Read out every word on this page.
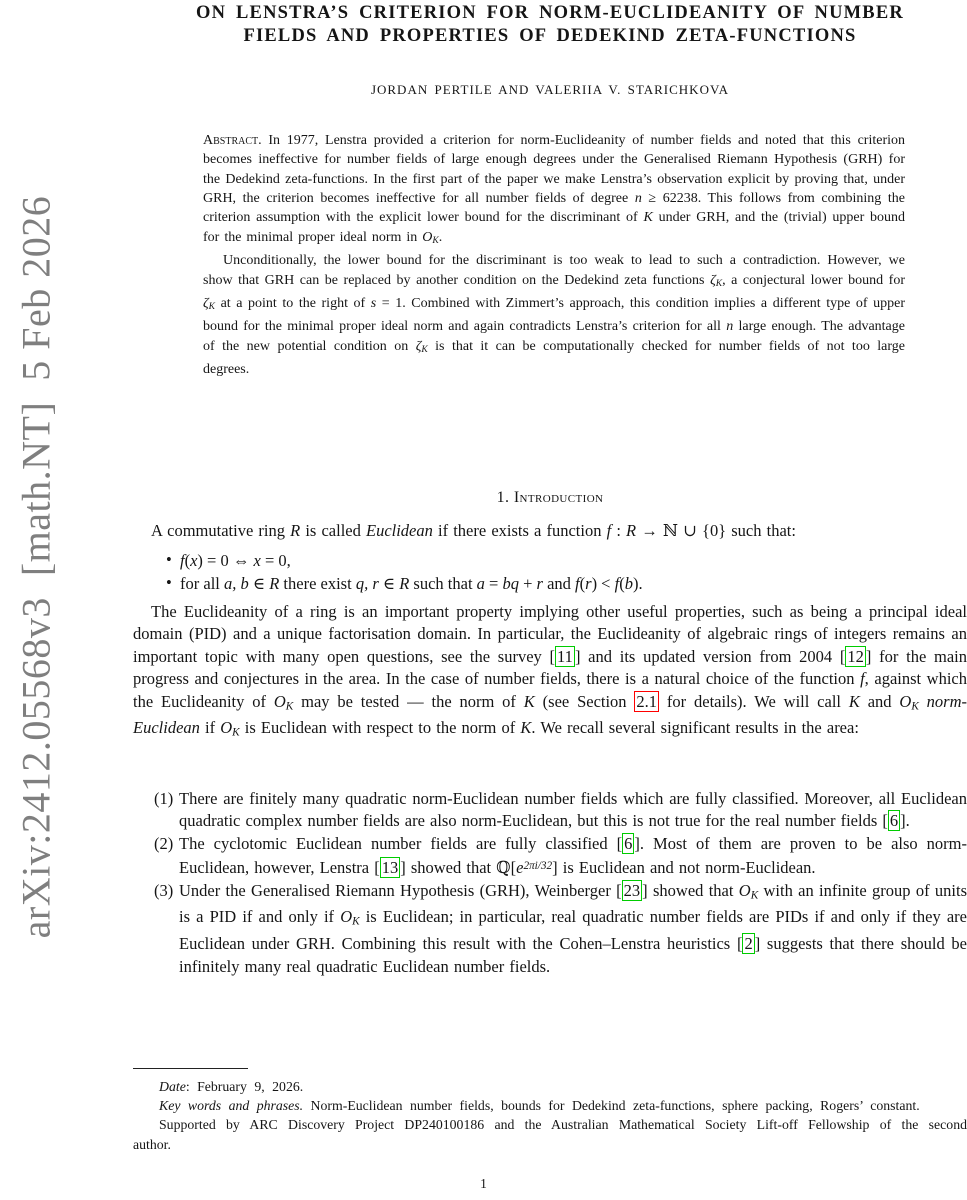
arXiv:2412.05568v3  [math.NT]  5 Feb 2026
ON LENSTRA’S CRITERION FOR NORM-EUCLIDEANITY OF NUMBER
FIELDS AND PROPERTIES OF DEDEKIND ZETA-FUNCTIONS
JORDAN PERTILE AND VALERIIA V. STARICHKOVA

Abstract. In 1977, Lenstra provided a criterion for norm-Euclideanity of number fields and noted that this criterion becomes ineffective for number fields of large enough degrees under the Generalised Riemann Hypothesis (GRH) for the Dedekind zeta-functions. In the first part of the paper we make Lenstra’s observation explicit by proving that, under GRH, the criterion becomes ineffective for all number fields of degree n ≥ 62238. This follows from combining the criterion assumption with the explicit lower bound for the discriminant of K under GRH, and the (trivial) upper bound for the minimal proper ideal norm in OK.

Unconditionally, the lower bound for the discriminant is too weak to lead to such a contradiction. However, we show that GRH can be replaced by another condition on the Dedekind zeta functions ζK, a conjectural lower bound for ζK at a point to the right of s = 1. Combined with Zimmert’s approach, this condition implies a different type of upper bound for the minimal proper ideal norm and again contradicts Lenstra’s criterion for all n large enough. The advantage of the new potential condition on ζK is that it can be computationally checked for number fields of not too large degrees.

1. Introduction

A commutative ring R is called Euclidean if there exists a function f : R → ℕ ∪ {0} such that:

• f(x) = 0 ⇔ x = 0,
• for all a, b ∈ R there exist q, r ∈ R such that a = bq + r and f(r) < f(b).

The Euclideanity of a ring is an important property implying other useful properties, such as being a principal ideal domain (PID) and a unique factorisation domain. In particular, the Euclideanity of algebraic rings of integers remains an important topic with many open questions, see the survey [ 11 ] and its updated version from 2004 [ 12 ] for the main progress and conjectures in the area. In the case of number fields, there is a natural choice of the function f, against which the Euclideanity of OK may be tested — the norm of K (see Section 2.1 for details). We will call K and OK norm-Euclidean if OK is Euclidean with respect to the norm of K. We recall several significant results in the area:

(1) There are finitely many quadratic norm-Euclidean number fields which are fully classified. Moreover, all Euclidean quadratic complex number fields are also norm-Euclidean, but this is not true for the real number fields [ 6 ].
(2) The cyclotomic Euclidean number fields are fully classified [ 6 ]. Most of them are proven to be also norm-Euclidean, however, Lenstra [ 13 ] showed that $ℚ[e^{2\pi i/32}]$ is Euclidean and not norm-Euclidean.
(3) Under the Generalised Riemann Hypothesis (GRH), Weinberger [ 23 ] showed that OK with an infinite group of units is a PID if and only if OK is Euclidean; in particular, real quadratic number fields are PIDs if and only if they are Euclidean under GRH. Combining this result with the Cohen–Lenstra heuristics [ 2 ] suggests that there should be infinitely many real quadratic Euclidean number fields.

Date: February 9, 2026.

Key words and phrases. Norm-Euclidean number fields, bounds for Dedekind zeta-functions, sphere packing, Rogers’ constant.

Supported by ARC Discovery Project DP240100186 and the Australian Mathematical Society Lift-off Fellowship of the second author.

1
